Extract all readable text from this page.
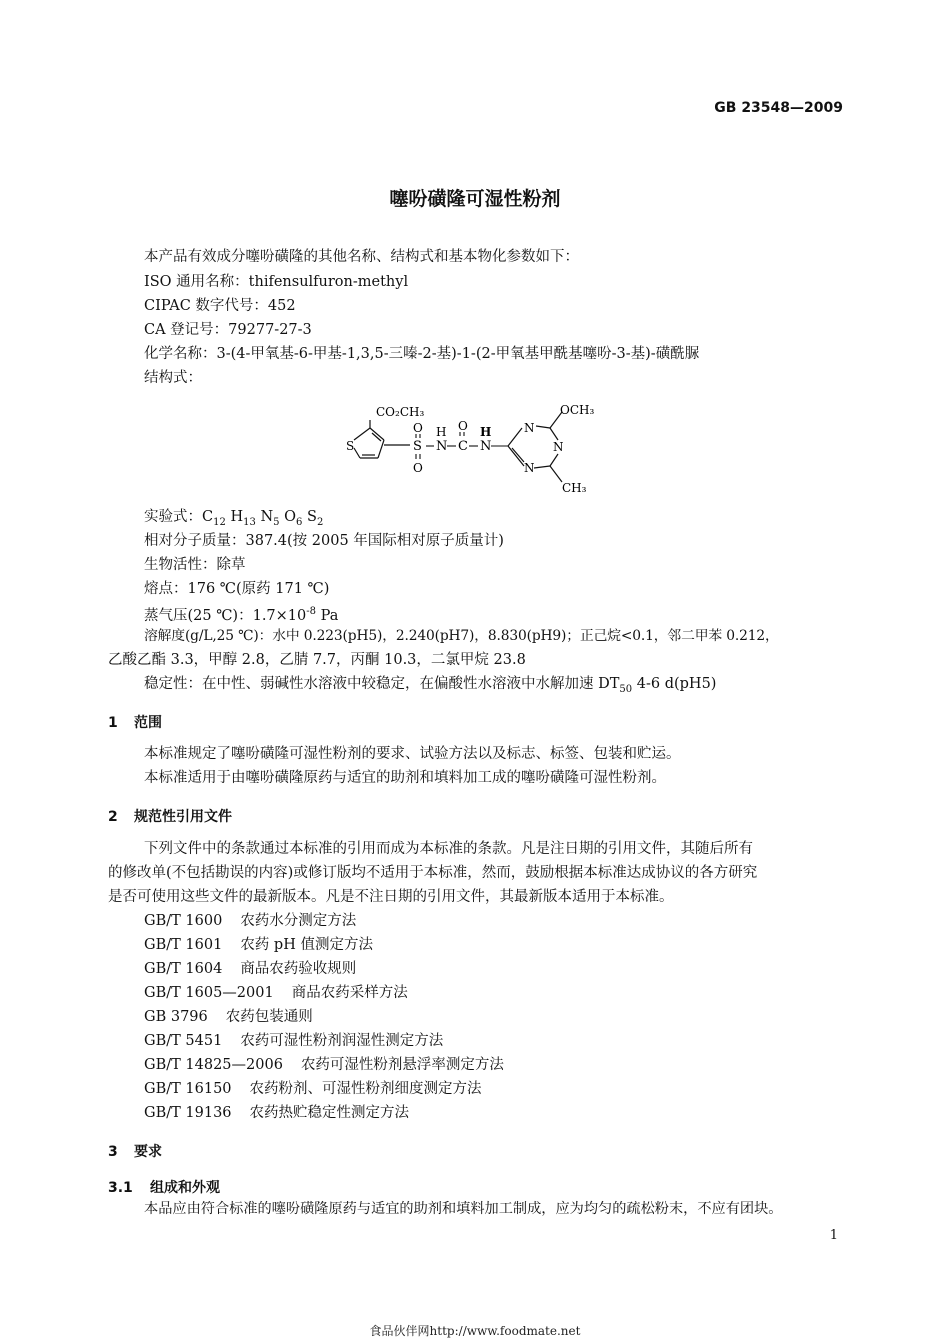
GB 23548—2009
噻吩磺隆可湿性粉剂
本产品有效成分噻吩磺隆的其他名称、结构式和基本物化参数如下：
ISO 通用名称：thifensulfuron-methyl
CIPAC 数字代号：452
CA 登记号：79277-27-3
化学名称：3-(4-甲氧基-6-甲基-1,3,5-三嗪-2-基)-1-(2-甲氧基甲酰基噻吩-3-基)-磺酰脲
结构式：
CO₂CH₃
S	S
O
O
H
N
O
C
H
N
N
N
N
OCH₃
CH₃
实验式：$C_{12}$ $H_{13}$ $N_5$ $O_6$ $S_2$
相对分子质量：387.4(按 2005 年国际相对原子质量计)
生物活性：除草
熔点：176 ℃(原药 171 ℃)
蒸气压(25 ℃)：$1.7\times 10^{-8}$ Pa
溶解度(g/L,25 ℃)：水中 0.223(pH5)，2.240(pH7)，8.830(pH9)；正己烷<0.1，邻二甲苯 0.212，
乙酸乙酯 3.3，甲醇 2.8，乙腈 7.7，丙酮 10.3，二氯甲烷 23.8
稳定性：在中性、弱碱性水溶液中较稳定，在偏酸性水溶液中水解加速 $DT_{50}$ 4-6 d(pH5)
1 范围
本标准规定了噻吩磺隆可湿性粉剂的要求、试验方法以及标志、标签、包装和贮运。
本标准适用于由噻吩磺隆原药与适宜的助剂和填料加工成的噻吩磺隆可湿性粉剂。
2 规范性引用文件
下列文件中的条款通过本标准的引用而成为本标准的条款。凡是注日期的引用文件，其随后所有
的修改单(不包括勘误的内容)或修订版均不适用于本标准，然而，鼓励根据本标准达成协议的各方研究
是否可使用这些文件的最新版本。凡是不注日期的引用文件，其最新版本适用于本标准。
GB/T 1600 农药水分测定方法
GB/T 1601 农药 pH 值测定方法
GB/T 1604 商品农药验收规则
GB/T 1605—2001 商品农药采样方法
GB 3796 农药包装通则
GB/T 5451 农药可湿性粉剂润湿性测定方法
GB/T 14825—2006 农药可湿性粉剂悬浮率测定方法
GB/T 16150 农药粉剂、可湿性粉剂细度测定方法
GB/T 19136 农药热贮稳定性测定方法
3 要求
3.1 组成和外观
本品应由符合标准的噻吩磺隆原药与适宜的助剂和填料加工制成，应为均匀的疏松粉末，不应有团块。
1
食品伙伴网http://www.foodmate.net
